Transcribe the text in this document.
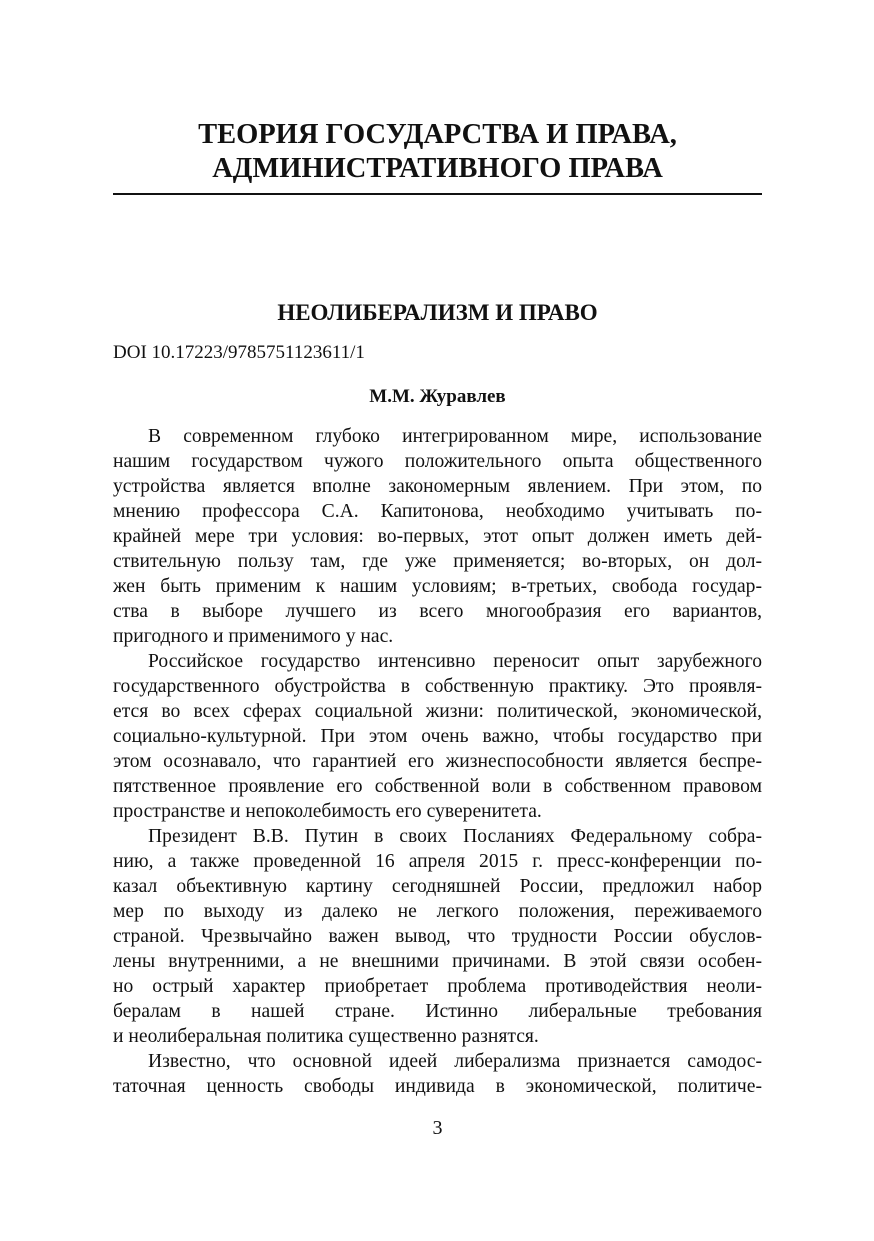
ТЕОРИЯ ГОСУДАРСТВА И ПРАВА,
АДМИНИСТРАТИВНОГО ПРАВА
НЕОЛИБЕРАЛИЗМ И ПРАВО
DOI 10.17223/9785751123611/1
М.М. Журавлев
В современном глубоко интегрированном мире, использование
нашим государством чужого положительного опыта общественного
устройства является вполне закономерным явлением. При этом, по
мнению профессора С.А. Капитонова, необходимо учитывать по-
крайней мере три условия: во-первых, этот опыт должен иметь дей-
ствительную пользу там, где уже применяется; во-вторых, он дол-
жен быть применим к нашим условиям; в-третьих, свобода государ-
ства в выборе лучшего из всего многообразия его вариантов,
пригодного и применимого у нас.
Российское государство интенсивно переносит опыт зарубежного
государственного обустройства в собственную практику. Это проявля-
ется во всех сферах социальной жизни: политической, экономической,
социально-культурной. При этом очень важно, чтобы государство при
этом осознавало, что гарантией его жизнеспособности является беспре-
пятственное проявление его собственной воли в собственном правовом
пространстве и непоколебимость его суверенитета.
Президент В.В. Путин в своих Посланиях Федеральному собра-
нию, а также проведенной 16 апреля 2015 г. пресс-конференции по-
казал объективную картину сегодняшней России, предложил набор
мер по выходу из далеко не легкого положения, переживаемого
страной. Чрезвычайно важен вывод, что трудности России обуслов-
лены внутренними, а не внешними причинами. В этой связи особен-
но острый характер приобретает проблема противодействия неоли-
бералам в нашей стране. Истинно либеральные требования
и неолиберальная политика существенно разнятся.
Известно, что основной идеей либерализма признается самодос-
таточная ценность свободы индивида в экономической, политиче-
3
